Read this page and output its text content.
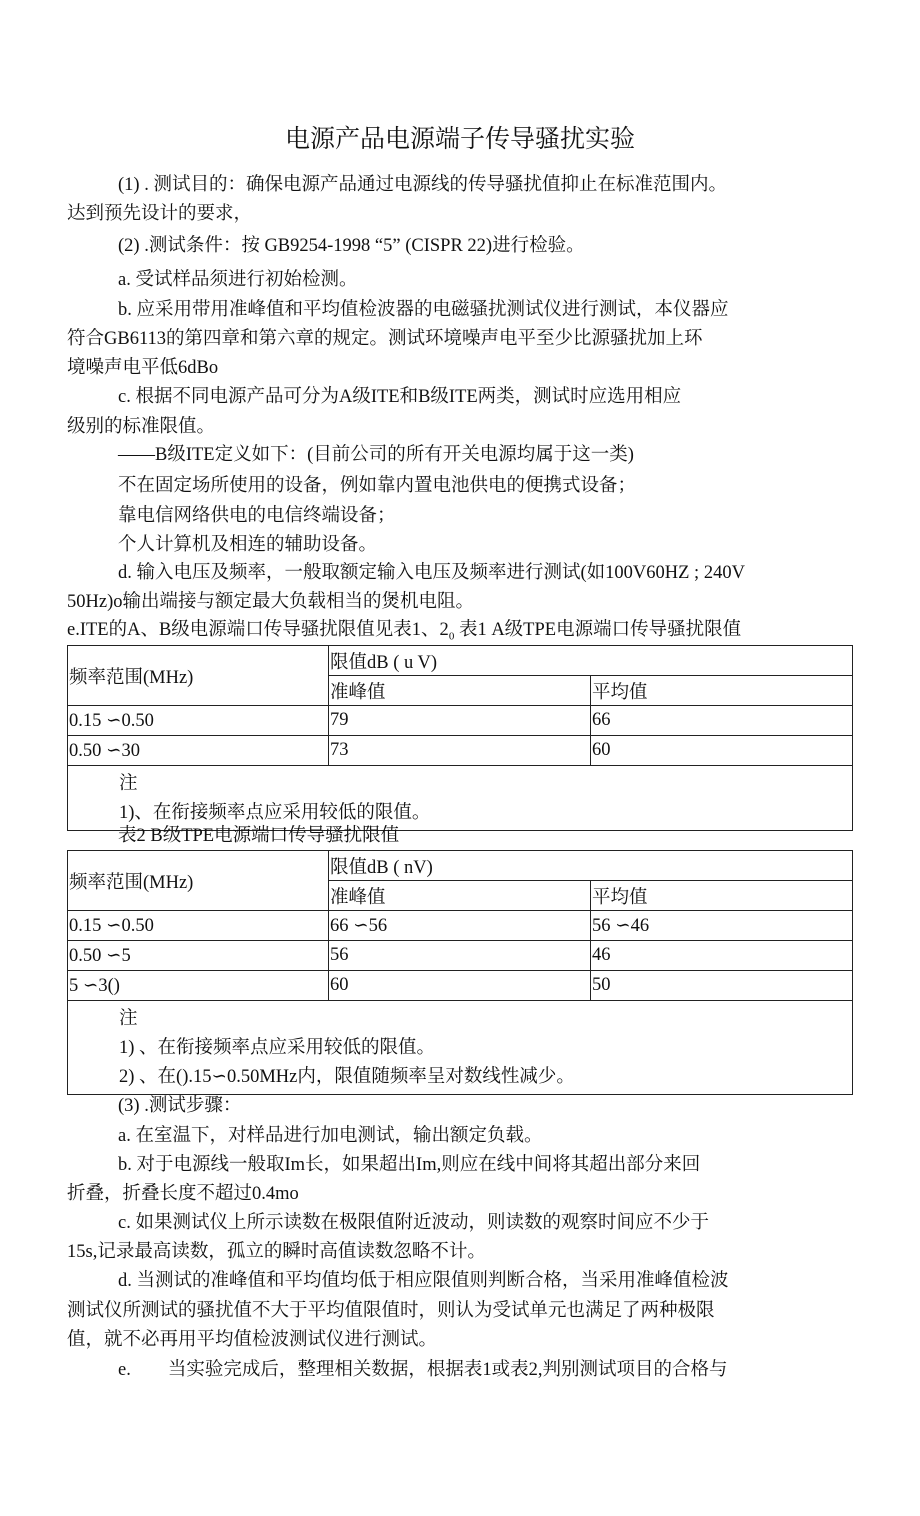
电源产品电源端子传导骚扰实验
(1) . 测试目的：确保电源产品通过电源线的传导骚扰值抑止在标准范围内。
达到预先设计的要求，
(2) .测试条件：按 GB9254-1998 “5” (CISPR 22)进行检验。
a. 受试样品须进行初始检测。
b. 应采用带用准峰值和平均值检波器的电磁骚扰测试仪进行测试，本仪器应
符合GB6113的第四章和第六章的规定。测试环境噪声电平至少比源骚扰加上环
境噪声电平低6dBo
c. 根据不同电源产品可分为A级ITE和B级ITE两类，测试时应选用相应
级别的标准限值。
——B级ITE定义如下：(目前公司的所有开关电源均属于这一类)
不在固定场所使用的设备，例如靠内置电池供电的便携式设备；
靠电信网络供电的电信终端设备；
个人计算机及相连的辅助设备。
d. 输入电压及频率，一般取额定输入电压及频率进行测试(如100V60HZ ; 240V
50Hz)o输出端接与额定最大负载相当的煲机电阻。
e.ITE的A、B级电源端口传导骚扰限值见表1、$2_0$ 表1 A级TPE电源端口传导骚扰限值
频率范围(MHz)	限值dB ( u V)	
	准峰值	平均值
0.15 ∽0.50	79	66
0.50 ∽30	73	60

注
1)、在衔接频率点应采用较低的限值。		
表2 B级TPE电源端口传导骚扰限值
频率范围(MHz)	限值dB ( nV)	
	准峰值	平均值
0.15 ∽0.50	66 ∽56	56 ∽46
0.50 ∽5	56	46
5 ∽3()	60	50

注
1) 、在衔接频率点应采用较低的限值。
2) 、在().15∽0.50MHz内，限值随频率呈对数线性减少。		
(3) .测试步骤：
a. 在室温下，对样品进行加电测试，输出额定负载。
b. 对于电源线一般取Im长，如果超出Im,则应在线中间将其超出部分来回
折叠，折叠长度不超过0.4mo
c. 如果测试仪上所示读数在极限值附近波动，则读数的观察时间应不少于
15s,记录最高读数，孤立的瞬时高值读数忽略不计。
d. 当测试的准峰值和平均值均低于相应限值则判断合格，当采用准峰值检波
测试仪所测试的骚扰值不大于平均值限值时，则认为受试单元也满足了两种极限
值，就不必再用平均值检波测试仪进行测试。
e.        当实验完成后，整理相关数据，根据表1或表2,判别测试项目的合格与
